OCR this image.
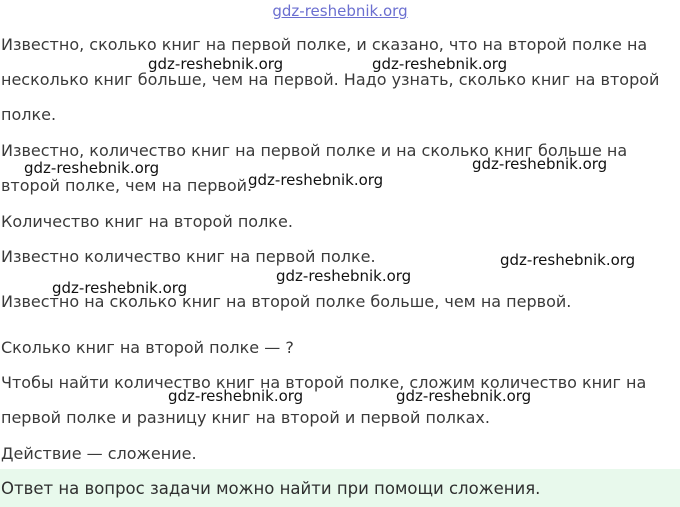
gdz-reshebnik.org
Известно, сколько книг на первой полке, и сказано, что на второй полке на
несколько книг больше, чем на первой. Надо узнать, сколько книг на второй
полке.
Известно, количество книг на первой полке и на сколько книг больше на
второй полке, чем на первой.
Количество книг на второй полке.
Известно количество книг на первой полке.
Известно на сколько книг на второй полке больше, чем на первой.
Сколько книг на второй полке — ?
Чтобы найти количество книг на второй полке, сложим количество книг на
первой полке и разницу книг на второй и первой полках.
Действие — сложение.
Ответ на вопрос задачи можно найти при помощи сложения.
gdz-reshebnik.org	gdz-reshebnik.org
gdz-reshebnik.org	gdz-reshebnik.org
gdz-reshebnik.org
gdz-reshebnik.org
gdz-reshebnik.org
gdz-reshebnik.org
gdz-reshebnik.org	gdz-reshebnik.org
